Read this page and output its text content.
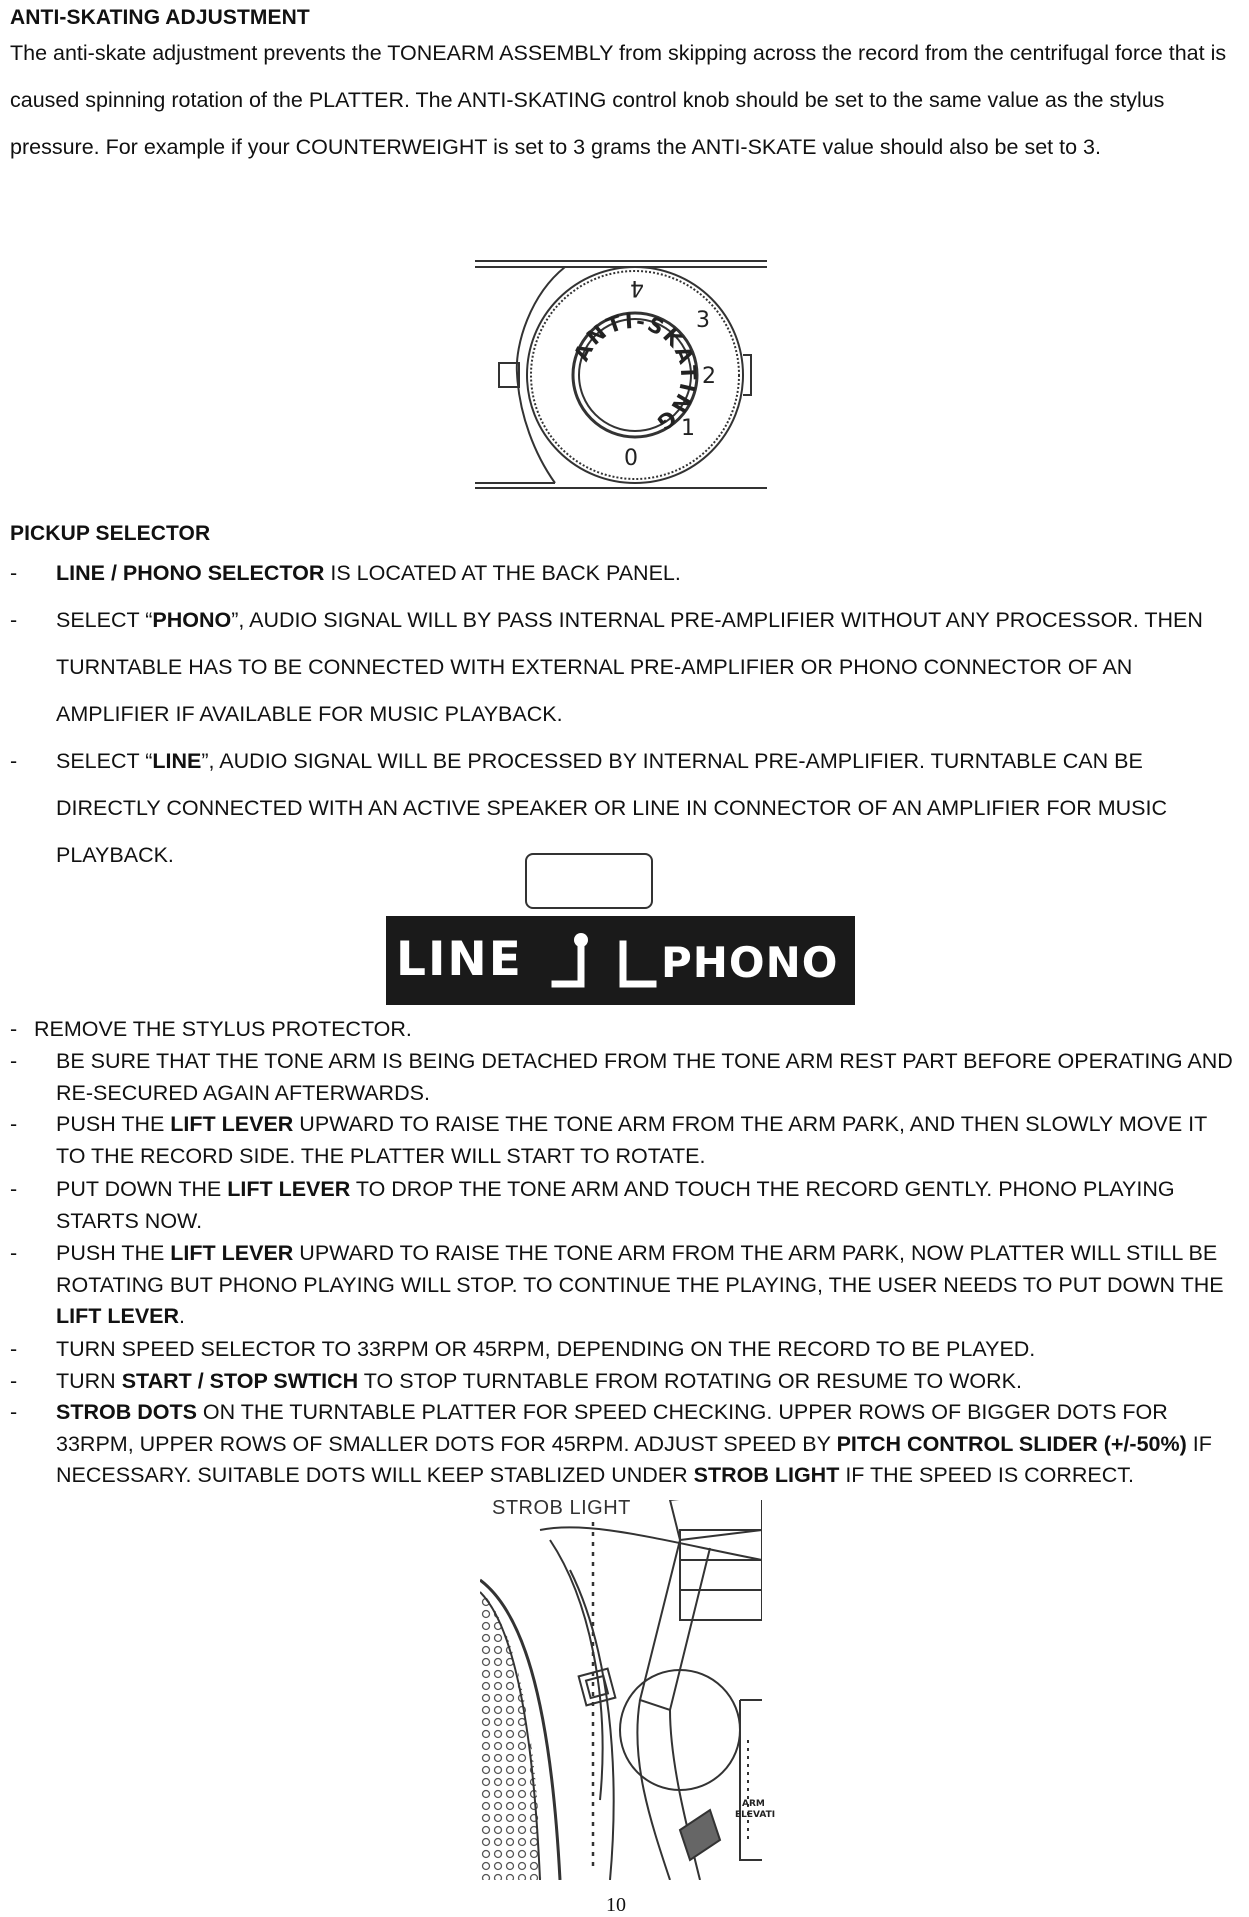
ANTI-SKATING ADJUSTMENT

The anti-skate adjustment prevents the TONEARM ASSEMBLY from skipping across the record from the centrifugal force that is caused spinning rotation of the PLATTER. The ANTI-SKATING control knob should be set to the same value as the stylus pressure. For example if your COUNTERWEIGHT is set to 3 grams the ANTI-SKATE value should also be set to 3.

0
1
2
3
4
ANTI-SKATING
PICKUP SELECTOR
- LINE / PHONO SELECTOR IS LOCATED AT THE BACK PANEL.
- SELECT “PHONO”, AUDIO SIGNAL WILL BY PASS INTERNAL PRE-AMPLIFIER WITHOUT ANY PROCESSOR. THEN TURNTABLE HAS TO BE CONNECTED WITH EXTERNAL PRE-AMPLIFIER OR PHONO CONNECTOR OF AN AMPLIFIER IF AVAILABLE FOR MUSIC PLAYBACK.
- SELECT “LINE”, AUDIO SIGNAL WILL BE PROCESSED BY INTERNAL PRE-AMPLIFIER. TURNTABLE CAN BE DIRECTLY CONNECTED WITH AN ACTIVE SPEAKER OR LINE IN CONNECTOR OF AN AMPLIFIER FOR MUSIC PLAYBACK.
LINE	PHONO
- REMOVE THE STYLUS PROTECTOR.
- BE SURE THAT THE TONE ARM IS BEING DETACHED FROM THE TONE ARM REST PART BEFORE OPERATING AND RE-SECURED AGAIN AFTERWARDS.
- PUSH THE LIFT LEVER UPWARD TO RAISE THE TONE ARM FROM THE ARM PARK, AND THEN SLOWLY MOVE IT TO THE RECORD SIDE. THE PLATTER WILL START TO ROTATE.
- PUT DOWN THE LIFT LEVER TO DROP THE TONE ARM AND TOUCH THE RECORD GENTLY. PHONO PLAYING STARTS NOW.
- PUSH THE LIFT LEVER UPWARD TO RAISE THE TONE ARM FROM THE ARM PARK, NOW PLATTER WILL STILL BE ROTATING BUT PHONO PLAYING WILL STOP. TO CONTINUE THE PLAYING, THE USER NEEDS TO PUT DOWN THE LIFT LEVER.
- TURN SPEED SELECTOR TO 33RPM OR 45RPM, DEPENDING ON THE RECORD TO BE PLAYED.
- TURN START / STOP SWTICH TO STOP TURNTABLE FROM ROTATING OR RESUME TO WORK.
- STROB DOTS ON THE TURNTABLE PLATTER FOR SPEED CHECKING. UPPER ROWS OF BIGGER DOTS FOR 33RPM, UPPER ROWS OF SMALLER DOTS FOR 45RPM. ADJUST SPEED BY PITCH CONTROL SLIDER (+/-50%) IF NECESSARY. SUITABLE DOTS WILL KEEP STABLIZED UNDER STROB LIGHT IF THE SPEED IS CORRECT.
STROB LIGHT
ARM
ELEVATI
10
